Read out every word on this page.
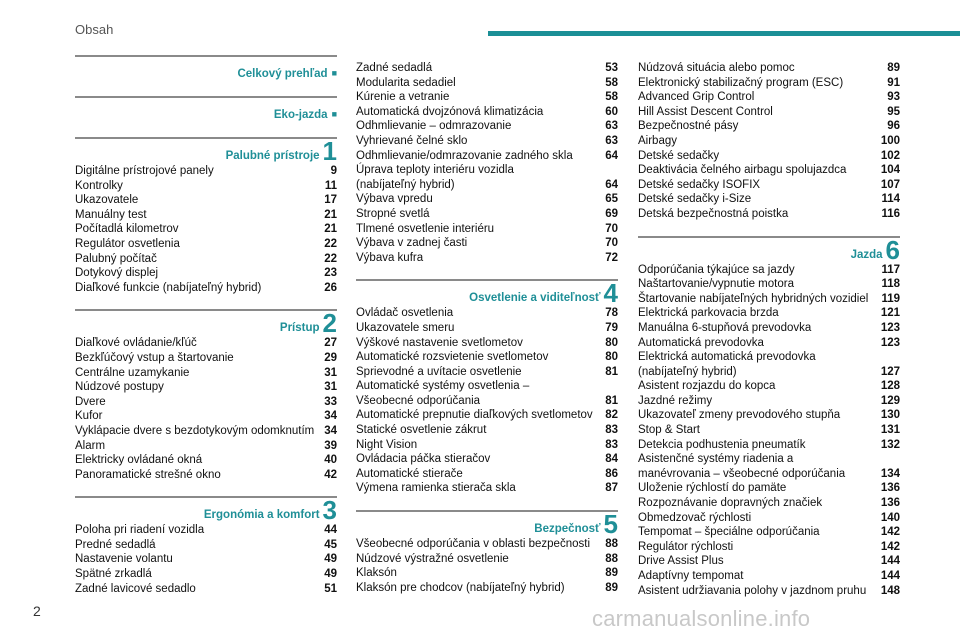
Obsah
Celkový prehľad ■
Eko-jazda ■
Palubné prístroje 1
Digitálne prístrojové panely	9
Kontrolky	11
Ukazovatele	17
Manuálny test	21
Počítadlá kilometrov	21
Regulátor osvetlenia	22
Palubný počítač	22
Dotykový displej	23
Diaľkové funkcie (nabíjateľný hybrid)	26
Prístup 2
Diaľkové ovládanie/kľúč	27
Bezkľúčový vstup a štartovanie	29
Centrálne uzamykanie	31
Núdzové postupy	31
Dvere	33
Kufor	34
Vyklápacie dvere s bezdotykovým odomknutím 34
Alarm	39
Elektricky ovládané okná	40
Panoramatické strešné okno	42
Ergonómia a komfort 3
Poloha pri riadení vozidla	44
Predné sedadlá	45
Nastavenie volantu	49
Spätné zrkadlá	49
Zadné lavicové sedadlo	51
Zadné sedadlá	53
Modularita sedadiel	58
Kúrenie a vetranie	58
Automatická dvojzónová klimatizácia	60
Odhmlievanie – odmrazovanie	63
Vyhrievané čelné sklo	63
Odhmlievanie/odmrazovanie zadného skla	64
Úprava teploty interiéru vozidla
(nabíjateľný hybrid)	64
Výbava vpredu	65
Stropné svetlá	69
Tlmené osvetlenie interiéru	70
Výbava v zadnej časti	70
Výbava kufra	72
Osvetlenie a viditeľnosť 4
Ovládač osvetlenia	78
Ukazovatele smeru	79
Výškové nastavenie svetlometov	80
Automatické rozsvietenie svetlometov	80
Sprievodné a uvítacie osvetlenie	81
Automatické systémy osvetlenia –
Všeobecné odporúčania	81
Automatické prepnutie diaľkových svetlometov 82
Statické osvetlenie zákrut	83
Night Vision	83
Ovládacia páčka stieračov	84
Automatické stierače	86
Výmena ramienka stierača skla	87
Bezpečnosť 5
Všeobecné odporúčania v oblasti bezpečnosti 88
Núdzové výstražné osvetlenie	88
Klaksón	89
Klaksón pre chodcov (nabíjateľný hybrid)	89
Núdzová situácia alebo pomoc	89
Elektronický stabilizačný program (ESC)	91
Advanced Grip Control	93
Hill Assist Descent Control	95
Bezpečnostné pásy	96
Airbagy	100
Detské sedačky	102
Deaktivácia čelného airbagu spolujazdca	104
Detské sedačky ISOFIX	107
Detské sedačky i-Size	114
Detská bezpečnostná poistka	116
Jazda 6
Odporúčania týkajúce sa jazdy	117
Naštartovanie/vypnutie motora	118
Štartovanie nabíjateľných hybridných vozidiel 119
Elektrická parkovacia brzda	121
Manuálna 6-stupňová prevodovka	123
Automatická prevodovka	123
Elektrická automatická prevodovka
(nabíjateľný hybrid)	127
Asistent rozjazdu do kopca	128
Jazdné režimy	129
Ukazovateľ zmeny prevodového stupňa	130
Stop & Start	131
Detekcia podhustenia pneumatík	132
Asistenčné systémy riadenia a
manévrovania – všeobecné odporúčania	134
Uloženie rýchlostí do pamäte	136
Rozpoznávanie dopravných značiek	136
Obmedzovač rýchlosti	140
Tempomat – špeciálne odporúčania	142
Regulátor rýchlosti	142
Drive Assist Plus	144
Adaptívny tempomat	144
Asistent udržiavania polohy v jazdnom pruhu 148
2	carmanualsonline.info
